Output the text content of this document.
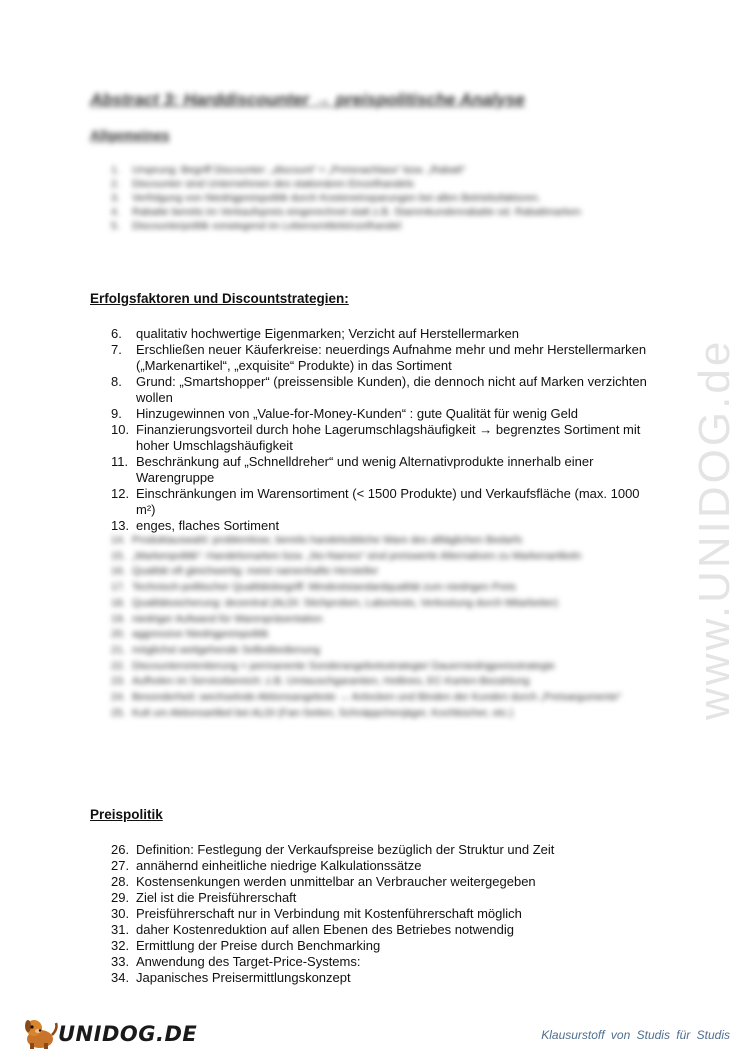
www.UNIDOG.de
Abstract 3: Harddiscounter → preispolitische Analyse
Allgemeines
1. Ursprung: Begriff Discounter: „discount“ = „Preisnachlass“ bzw. „Rabatt“
2. Discounter sind Unternehmen des stationären Einzelhandels
3. Verfolgung von Niedrigpreispolitik durch Kosteneinsparungen bei allen Betriebsfaktoren.
4. Rabatte bereits im Verkaufspreis eingerechnet statt z.B. Stammkundenrabatte od. Rabattmarken
5. Discounterpolitik vorwiegend im Lebensmitteleinzelhandel
Erfolgsfaktoren und Discountstrategien:
6. qualitativ hochwertige Eigenmarken; Verzicht auf Herstellermarken
7. Erschließen neuer Käuferkreise: neuerdings Aufnahme mehr und mehr Herstellermarken („Markenartikel“, „exquisite“ Produkte) in das Sortiment
8. Grund: „Smartshopper“ (preissensible Kunden), die dennoch nicht auf Marken verzichten wollen
9. Hinzugewinnen von „Value-for-Money-Kunden“ : gute Qualität für wenig Geld
10. Finanzierungsvorteil durch hohe Lagerumschlagshäufigkeit → begrenztes Sortiment mit hoher Umschlagshäufigkeit
11. Beschränkung auf „Schnelldreher“ und wenig Alternativprodukte innerhalb einer Warengruppe
12. Einschränkungen im Warensortiment (< 1500 Produkte) und Verkaufsfläche (max. 1000 m²)
13. enges, flaches Sortiment
14. Produktauswahl: problemlose, bereits handelsübliche Ware des alltäglichen Bedarfs
15. „Markenpolitik“: Handelsmarken bzw. „No-Names“ sind preiswerte Alternativen zu Markenartikeln
16. Qualität oft gleichwertig: meist namenhafte Hersteller
17. Technisch-politischer Qualitätsbegriff: Mindeststandardqualität zum niedrigen Preis
18. Qualitätssicherung: dezentral (ALDI: Stichproben, Labortests, Verkostung durch Mitarbeiter)
19. niedriger Aufwand für Warenpräsentation
20. aggressive Niedrigpreispolitik
21. möglichst weitgehende Selbstbedienung
22. Discounterorientierung = permanente Sonderangebotsstrategie/ Dauerniedrigpreisstrategie
23. Aufholen im Servicebereich: z.B. Umtauschgarantien, Hotlines, EC-Karten-Bezahlung
24. Besonderheit: wechselnde Aktionsangebote → Anlocken und Binden der Kunden durch „Preisargumente“
25. Kult um Aktionsartikel bei ALDI (Fan-Seiten, Schnäppchenjäger, Kochbücher, etc.)
Preispolitik
26. Definition: Festlegung der Verkaufspreise bezüglich der Struktur und Zeit
27. annähernd einheitliche niedrige Kalkulationssätze
28. Kostensenkungen werden unmittelbar an Verbraucher weitergegeben
29. Ziel ist die Preisführerschaft
30. Preisführerschaft nur in Verbindung mit Kostenführerschaft möglich
31. daher Kostenreduktion auf allen Ebenen des Betriebes notwendig
32. Ermittlung der Preise durch Benchmarking
33. Anwendung des Target-Price-Systems:
34. Japanisches Preisermittlungskonzept
UNIDOG.DE	Klausurstoff von Studis für Studis
